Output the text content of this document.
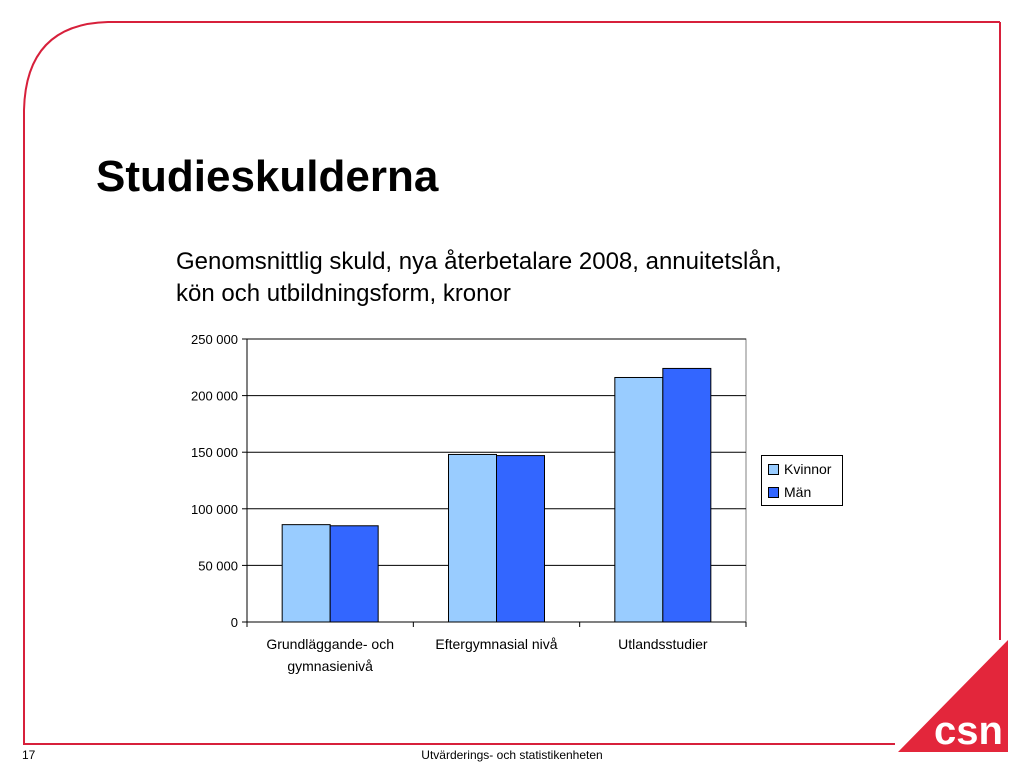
Studieskulderna
Genomsnittlig skuld, nya återbetalare 2008, annuitetslån,
kön och utbildningsform, kronor
0
50 000
100 000
150 000
200 000
250 000
Grundläggande- och
gymnasienivå
Eftergymnasial nivå	Utlandsstudier
Kvinnor
Män
csn
17	Utvärderings- och statistikenheten
